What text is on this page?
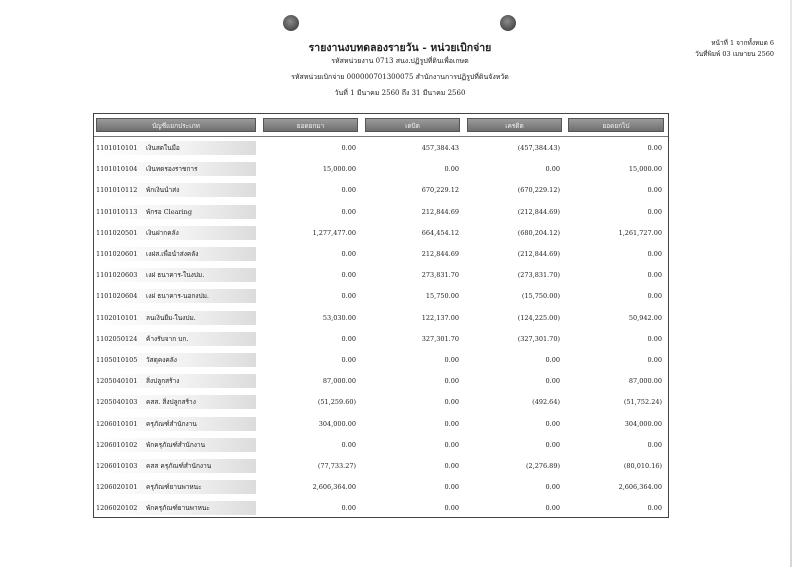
รายงานงบทดลองรายวัน - หน่วยเบิกจ่าย
รหัสหน่วยงาน 0713 สนง.ปฏิรูปที่ดินเพื่อเกษต
รหัสหน่วยเบิกจ่าย 000000701300075 สำนักงานการปฏิรูปที่ดินจังหวัด
วันที่ 1 มีนาคม 2560 ถึง 31 มีนาคม 2560
หน้าที่ 1 จากทั้งหมด 6
วันที่พิมพ์ 03 เมษายน 2560
บัญชีแยกประเภท	ยอดยกมา	เดบิต	เครดิต	ยอดยกไป
1101010101	เงินสดในมือ	0.00	457,384.43	(457,384.43)	0.00
1101010104	เงินทดรองราชการ	15,000.00	0.00	0.00	15,000.00
1101010112	พักเงินนำส่ง	0.00	670,229.12	(670,229.12)	0.00
1101010113	พักรอ Clearing	0.00	212,844.69	(212,844.69)	0.00
1101020501	เงินฝากคลัง	1,277,477.00	664,454.12	(680,204.12)	1,261,727.00
1101020601	เงฝส.เพื่อนำส่งคลัง	0.00	212,844.69	(212,844.69)	0.00
1101020603	เงฝ ธนาคาร-ในงปม.	0.00	273,831.70	(273,831.70)	0.00
1101020604	เงฝ ธนาคาร-นอกงปม.	0.00	15,750.00	(15,750.00)	0.00
1102010101	ลนเงินยืม-ในงปม.	53,030.00	122,137.00	(124,225.00)	50,942.00
1102050124	ค้างรับจาก บก.	0.00	327,301.70	(327,301.70)	0.00
1105010105	วัสดุคงคลัง	0.00	0.00	0.00	0.00
1205040101	สิ่งปลูกสร้าง	87,000.00	0.00	0.00	87,000.00
1205040103	คสส. สิ่งปลูกสร้าง	(51,259.60)	0.00	(492.64)	(51,752.24)
1206010101	ครุภัณฑ์สำนักงาน	304,000.00	0.00	0.00	304,000.00
1206010102	พักครุภัณฑ์สำนักงาน	0.00	0.00	0.00	0.00
1206010103	คสส ครุภัณฑ์สำนักงาน	(77,733.27)	0.00	(2,276.89)	(80,010.16)
1206020101	ครุภัณฑ์ยานพาหนะ	2,606,364.00	0.00	0.00	2,606,364.00
1206020102	พักครุภัณฑ์ยานพาหนะ	0.00	0.00	0.00	0.00
